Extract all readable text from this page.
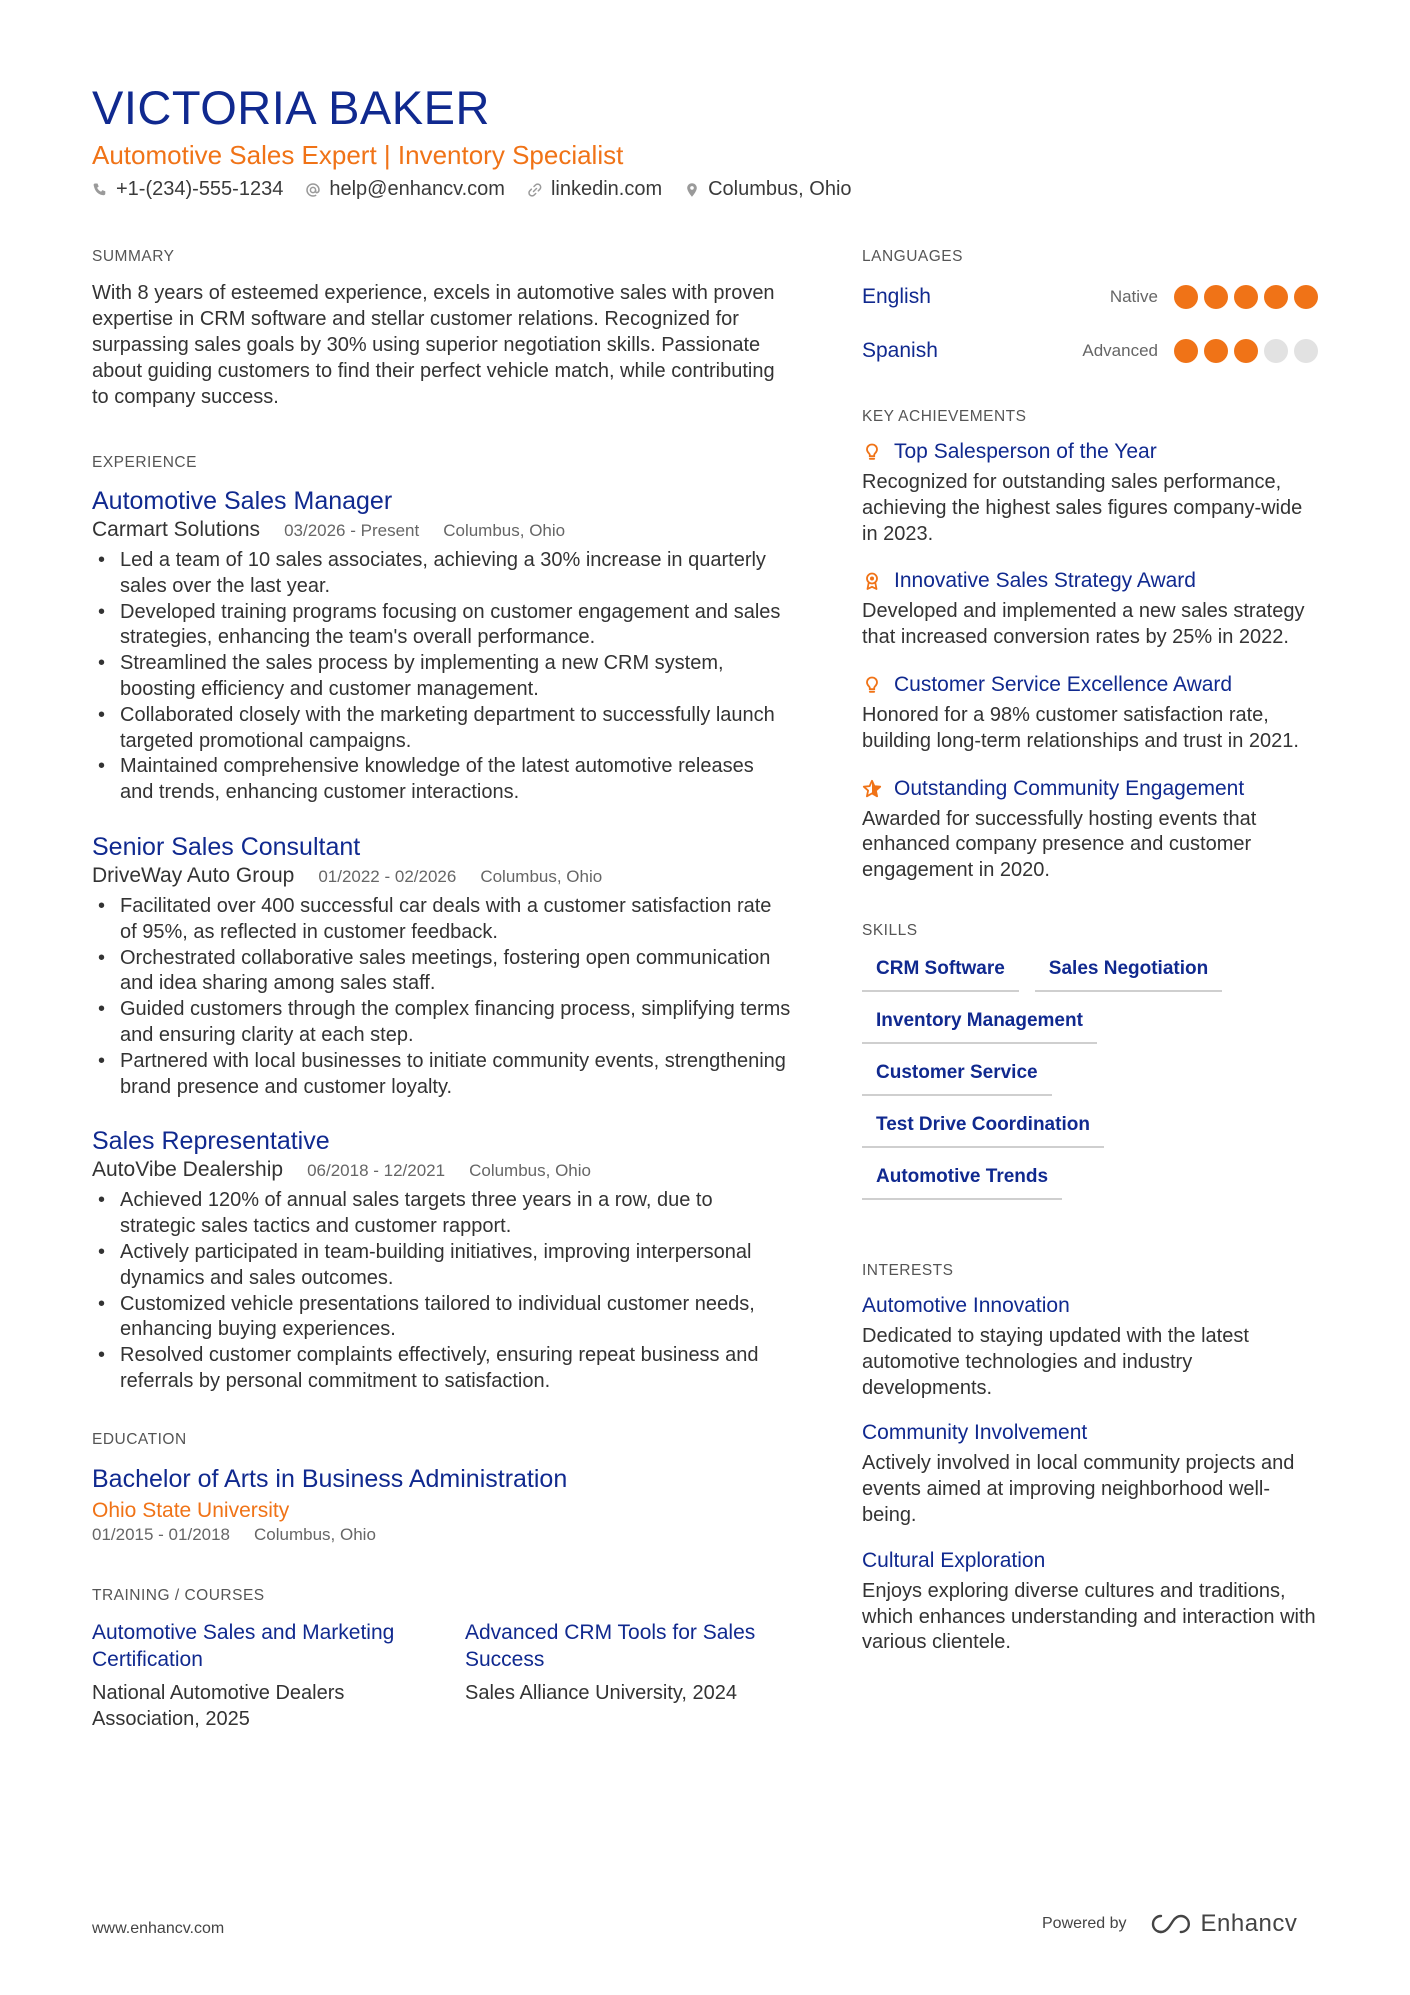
VICTORIA BAKER
Automotive Sales Expert | Inventory Specialist
+1-(234)-555-1234 help@enhancv.com linkedin.com Columbus, Ohio
SUMMARY

With 8 years of esteemed experience, excels in automotive sales with proven expertise in CRM software and stellar customer relations. Recognized for surpassing sales goals by 30% using superior negotiation skills. Passionate about guiding customers to find their perfect vehicle match, while contributing to company success.

EXPERIENCE
Automotive Sales Manager
Carmart Solutions 03/2026 - Present Columbus, Ohio
• Led a team of 10 sales associates, achieving a 30% increase in quarterly sales over the last year.
• Developed training programs focusing on customer engagement and sales strategies, enhancing the team's overall performance.
• Streamlined the sales process by implementing a new CRM system, boosting efficiency and customer management.
• Collaborated closely with the marketing department to successfully launch targeted promotional campaigns.
• Maintained comprehensive knowledge of the latest automotive releases and trends, enhancing customer interactions.
Senior Sales Consultant
DriveWay Auto Group 01/2022 - 02/2026 Columbus, Ohio
• Facilitated over 400 successful car deals with a customer satisfaction rate of 95%, as reflected in customer feedback.
• Orchestrated collaborative sales meetings, fostering open communication and idea sharing among sales staff.
• Guided customers through the complex financing process, simplifying terms and ensuring clarity at each step.
• Partnered with local businesses to initiate community events, strengthening brand presence and customer loyalty.
Sales Representative
AutoVibe Dealership 06/2018 - 12/2021 Columbus, Ohio
• Achieved 120% of annual sales targets three years in a row, due to strategic sales tactics and customer rapport.
• Actively participated in team-building initiatives, improving interpersonal dynamics and sales outcomes.
• Customized vehicle presentations tailored to individual customer needs, enhancing buying experiences.
• Resolved customer complaints effectively, ensuring repeat business and referrals by personal commitment to satisfaction.
EDUCATION
Bachelor of Arts in Business Administration
Ohio State University
01/2015 - 01/2018 Columbus, Ohio
TRAINING / COURSES
Automotive Sales and Marketing Certification
National Automotive Dealers Association, 2025
Advanced CRM Tools for Sales Success
Sales Alliance University, 2024
LANGUAGES
English	Native
Spanish	Advanced
KEY ACHIEVEMENTS
Top Salesperson of the Year
Recognized for outstanding sales performance, achieving the highest sales figures company-wide in 2023.
Innovative Sales Strategy Award
Developed and implemented a new sales strategy that increased conversion rates by 25% in 2022.
Customer Service Excellence Award
Honored for a 98% customer satisfaction rate, building long-term relationships and trust in 2021.
Outstanding Community Engagement
Awarded for successfully hosting events that enhanced company presence and customer engagement in 2020.
SKILLS
CRM Software	Sales Negotiation
Inventory Management
Customer Service
Test Drive Coordination
Automotive Trends
INTERESTS
Automotive Innovation
Dedicated to staying updated with the latest automotive technologies and industry developments.
Community Involvement
Actively involved in local community projects and events aimed at improving neighborhood well-being.
Cultural Exploration
Enjoys exploring diverse cultures and traditions, which enhances understanding and interaction with various clientele.
www.enhancv.com	Powered by	Enhancv
